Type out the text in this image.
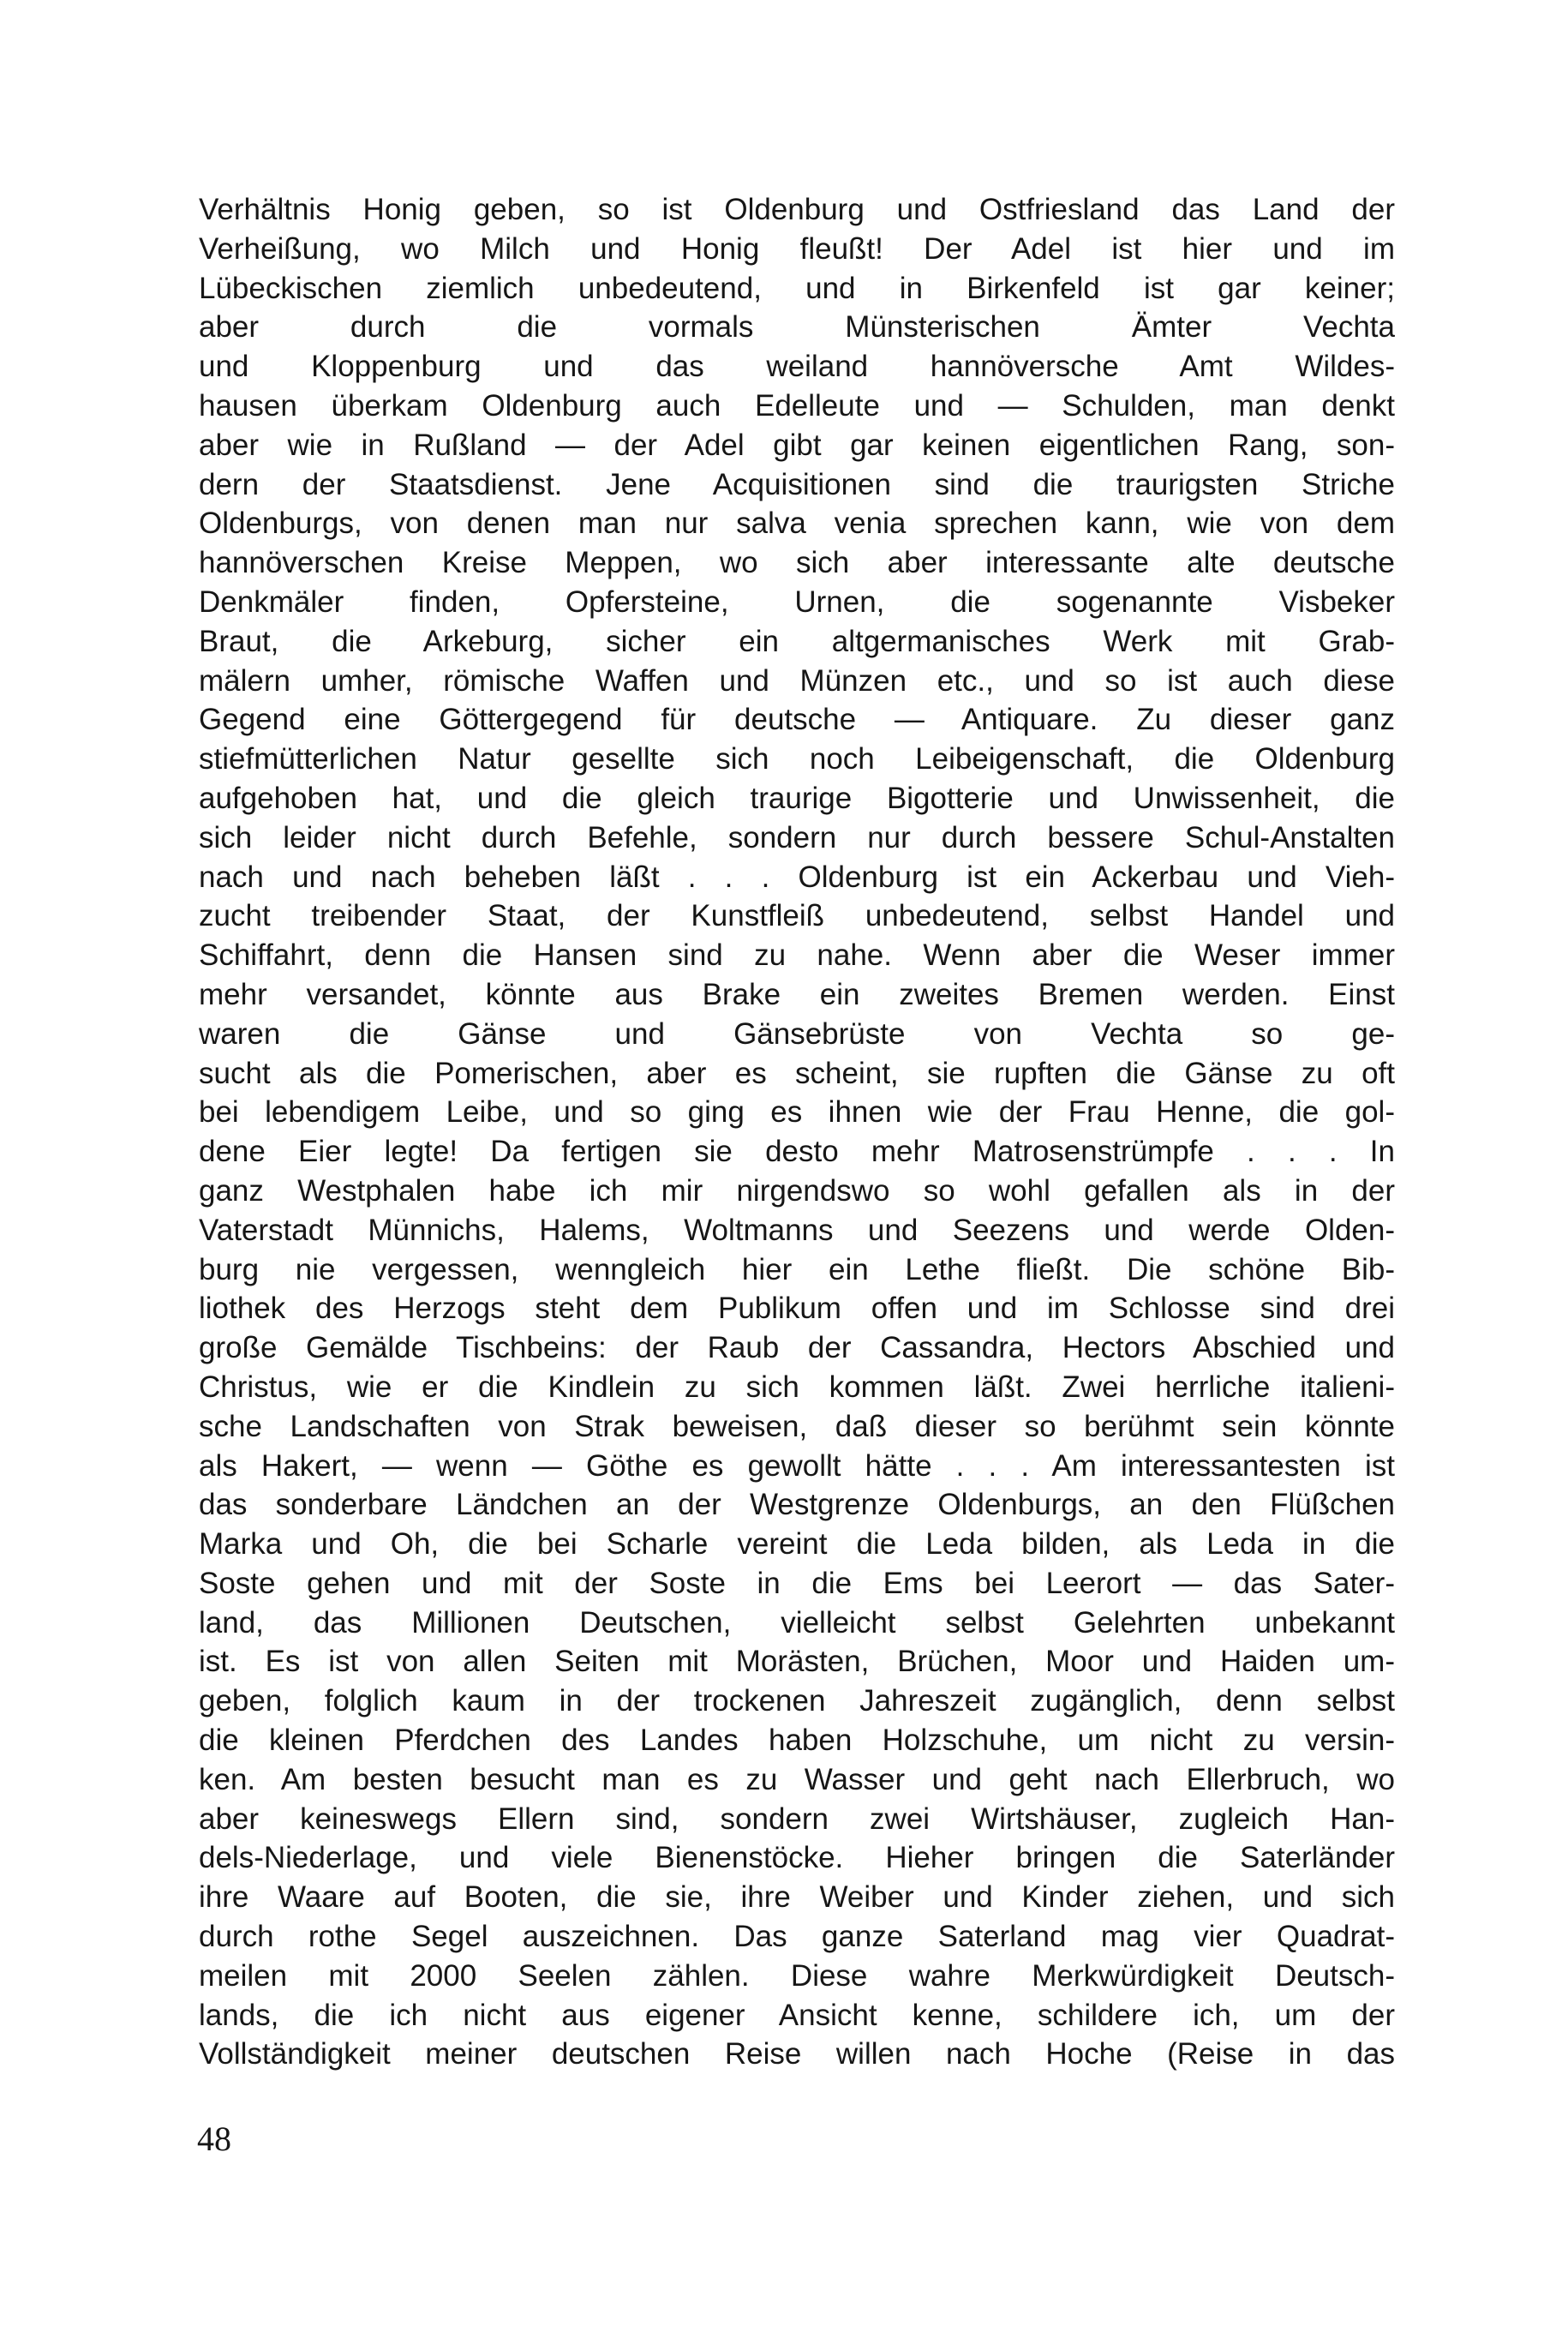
Verhältnis Honig geben, so ist Oldenburg und Ostfriesland das Land der
Verheißung, wo Milch und Honig fleußt! Der Adel ist hier und im
Lübeckischen ziemlich unbedeutend, und in Birkenfeld ist gar keiner;
aber durch die vormals Münsterischen Ämter Vechta
und Kloppenburg und das weiland hannöversche Amt Wildes-
hausen überkam Oldenburg auch Edelleute und — Schulden, man denkt
aber wie in Rußland — der Adel gibt gar keinen eigentlichen Rang, son-
dern der Staatsdienst. Jene Acquisitionen sind die traurigsten Striche
Oldenburgs, von denen man nur salva venia sprechen kann, wie von dem
hannöverschen Kreise Meppen, wo sich aber interessante alte deutsche
Denkmäler finden, Opfersteine, Urnen, die sogenannte Visbeker
Braut, die Arkeburg, sicher ein altgermanisches Werk mit Grab-
mälern umher, römische Waffen und Münzen etc., und so ist auch diese
Gegend eine Göttergegend für deutsche — Antiquare. Zu dieser ganz
stiefmütterlichen Natur gesellte sich noch Leibeigenschaft, die Oldenburg
aufgehoben hat, und die gleich traurige Bigotterie und Unwissenheit, die
sich leider nicht durch Befehle, sondern nur durch bessere Schul-Anstalten
nach und nach beheben läßt . . . Oldenburg ist ein Ackerbau und Vieh-
zucht treibender Staat, der Kunstfleiß unbedeutend, selbst Handel und
Schiffahrt, denn die Hansen sind zu nahe. Wenn aber die Weser immer
mehr versandet, könnte aus Brake ein zweites Bremen werden. Einst
waren die Gänse und Gänsebrüste von Vechta so ge-
sucht als die Pomerischen, aber es scheint, sie rupften die Gänse zu oft
bei lebendigem Leibe, und so ging es ihnen wie der Frau Henne, die gol-
dene Eier legte! Da fertigen sie desto mehr Matrosenstrümpfe . . . In
ganz Westphalen habe ich mir nirgendswo so wohl gefallen als in der
Vaterstadt Münnichs, Halems, Woltmanns und Seezens und werde Olden-
burg nie vergessen, wenngleich hier ein Lethe fließt. Die schöne Bib-
liothek des Herzogs steht dem Publikum offen und im Schlosse sind drei
große Gemälde Tischbeins: der Raub der Cassandra, Hectors Abschied und
Christus, wie er die Kindlein zu sich kommen läßt. Zwei herrliche italieni-
sche Landschaften von Strak beweisen, daß dieser so berühmt sein könnte
als Hakert, — wenn — Göthe es gewollt hätte . . . Am interessantesten ist
das sonderbare Ländchen an der Westgrenze Oldenburgs, an den Flüßchen
Marka und Oh, die bei Scharle vereint die Leda bilden, als Leda in die
Soste gehen und mit der Soste in die Ems bei Leerort — das Sater-
land, das Millionen Deutschen, vielleicht selbst Gelehrten unbekannt
ist. Es ist von allen Seiten mit Morästen, Brüchen, Moor und Haiden um-
geben, folglich kaum in der trockenen Jahreszeit zugänglich, denn selbst
die kleinen Pferdchen des Landes haben Holzschuhe, um nicht zu versin-
ken. Am besten besucht man es zu Wasser und geht nach Ellerbruch, wo
aber keineswegs Ellern sind, sondern zwei Wirtshäuser, zugleich Han-
dels-Niederlage, und viele Bienenstöcke. Hieher bringen die Saterländer
ihre Waare auf Booten, die sie, ihre Weiber und Kinder ziehen, und sich
durch rothe Segel auszeichnen. Das ganze Saterland mag vier Quadrat-
meilen mit 2000 Seelen zählen. Diese wahre Merkwürdigkeit Deutsch-
lands, die ich nicht aus eigener Ansicht kenne, schildere ich, um der
Vollständigkeit meiner deutschen Reise willen nach Hoche (Reise in das
48
